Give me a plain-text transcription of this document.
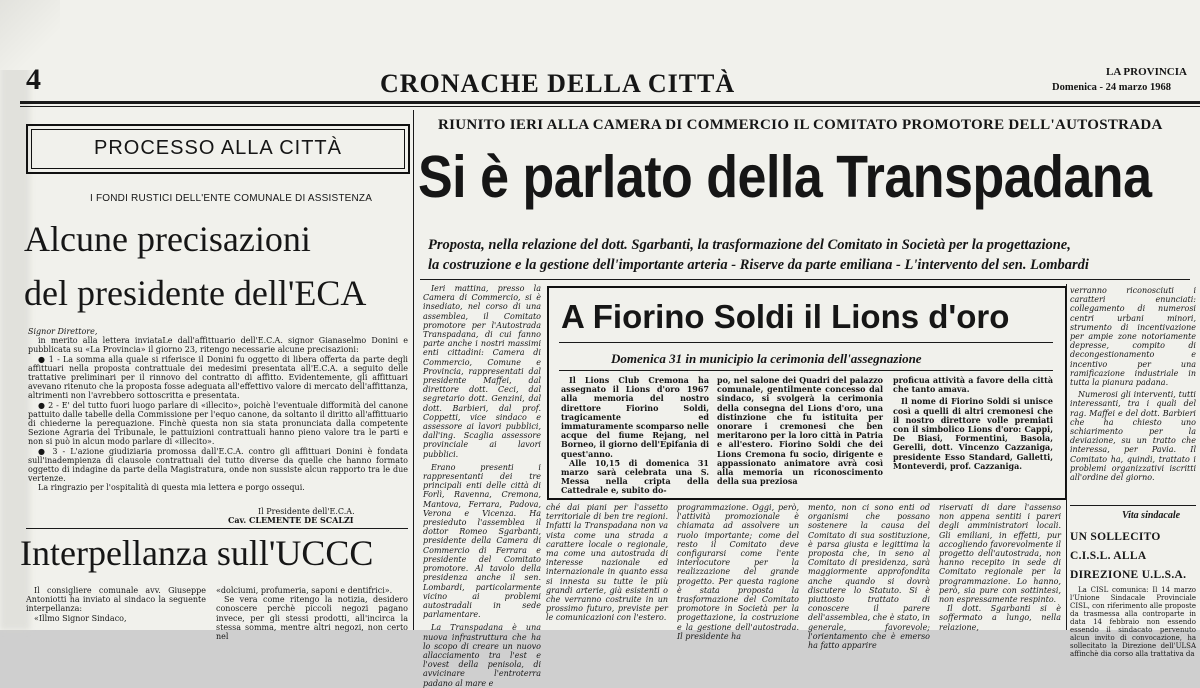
4	CRONACHE DELLA CITTÀ	LA PROVINCIA
Domenica - 24 marzo 1968
PROCESSO ALLA CITTÀ
I FONDI RUSTICI DELL'ENTE COMUNALE DI ASSISTENZA
Alcune precisazioni
del presidente dell'ECA

Signor Direttore,

in merito alla lettera inviataLe dall'affittuario dell'E.C.A. signor Gianaselmo Donini e pubblicata su «La Provincia» il giorno 23, ritengo necessarie alcune precisazioni:

● 1 - La somma alla quale si riferisce il Donini fu oggetto di libera offerta da parte degli affittuari nella proposta contrattuale dei medesimi presentata all'E.C.A. a seguito delle trattative preliminari per il rinnovo del contratto di affitto. Evidentemente, gli affittuari avevano ritenuto che la proposta fosse adeguata all'effettivo valore di mercato dell'affittanza, altrimenti non l'avrebbero sottoscritta e presentata.

● 2 - E' del tutto fuori luogo parlare di «illecito», poichè l'eventuale difformità del canone pattuito dalle tabelle della Commissione per l'equo canone, da soltanto il diritto all'affittuario di chiederne la perequazione. Finchè questa non sia stata pronunciata dalla competente Sezione Agraria del Tribunale, le pattuizioni contrattuali hanno pieno valore tra le parti e non si può in alcun modo parlare di «illecito».

● 3 - L'azione giudiziaria promossa dall'E.C.A. contro gli affittuari Donini è fondata sull'inadempienza di clausole contrattuali del tutto diverse da quelle che hanno formato oggetto di indagine da parte della Magistratura, onde non sussiste alcun rapporto tra le due vertenze.

La ringrazio per l'ospitalità di questa mia lettera e porgo ossequi.

Il Presidente dell'E.C.A.
Cav. CLEMENTE DE SCALZI
Interpellanza sull'UCCC

Il consigliere comunale avv. Giuseppe Antoniotti ha inviato al sindaco la seguente interpellanza:

«Illmo Signor Sindaco,

«dolciumi, profumeria, saponi e dentifrici».

Se vera come ritengo la notizia, desidero conoscere perchè piccoli negozi pagano invece, per gli stessi prodotti, all'incirca la stessa somma, mentre altri negozi, non certo nel

RIUNITO IERI ALLA CAMERA DI COMMERCIO IL COMITATO PROMOTORE DELL'AUTOSTRADA
Si è parlato della Transpadana
Proposta, nella relazione del dott. Sgarbanti, la trasformazione del Comitato in Società per la progettazione,
la costruzione e la gestione dell'importante arteria - Riserve da parte emiliana - L'intervento del sen. Lombardi

Ieri mattina, presso la Camera di Commercio, si è insediato, nel corso di una assemblea, il Comitato promotore per l'Autostrada Transpadana, di cui fanno parte anche i nostri massimi enti cittadini: Camera di Commercio, Comune e Provincia, rappresentati dal presidente Maffei, dal direttore dott. Ceci, dal segretario dott. Genzini, dal dott. Barbieri, dal prof. Coppetti, vice sindaco e assessore ai lavori pubblici, dall'ing. Scaglia assessore provinciale ai lavori pubblici.

Erano presenti i rappresentanti dei tre principali enti delle città di Forlì, Ravenna, Cremona, Mantova, Ferrara, Padova, Verona e Vicenza. Ha presieduto l'assemblea il dottor Romeo Sgarbanti, presidente della Camera di Commercio di Ferrara e presidente del Comitato promotore. Al tavolo della presidenza anche il sen. Lombardi, particolarmente vicino ai problemi autostradali in sede parlamentare.

La Transpadana è una nuova infrastruttura che ha lo scopo di creare un nuovo allacciamento tra l'est e l'ovest della penisola, di avvicinare l'entroterra padano al mare e

A Fiorino Soldi il Lions d'oro
Domenica 31 in municipio la cerimonia dell'assegnazione

Il Lions Club Cremona ha assegnato il Lions d'oro 1967 alla memoria del nostro direttore Fiorino Soldi, tragicamente ed immaturamente scomparso nelle acque del fiume Rejang, nel Borneo, il giorno dell'Epifania di quest'anno.

Alle 10,15 di domenica 31 marzo sarà celebrata una S. Messa nella cripta della Cattedrale e, subito do-

po, nel salone dei Quadri del palazzo comunale, gentilmente concesso dal sindaco, si svolgerà la cerimonia della consegna del Lions d'oro, una distinzione che fu istituita per onorare i cremonesi che ben meritarono per la loro città in Patria e all'estero. Fiorino Soldi che dei Lions Cremona fu socio, dirigente e appassionato animatore avrà così alla memoria un riconoscimento della sua preziosa

proficua attività a favore della città che tanto amava.

Il nome di Fiorino Soldi si unisce così a quelli di altri cremonesi che il nostro direttore volle premiati con il simbolico Lions d'oro: Cappi, De Biasi, Formentini, Basola, Gerelli, dott. Vincenzo Cazzaniga, presidente Esso Standard, Galletti, Monteverdi, prof. Cazzaniga.

ché dai piani per l'assetto territoriale di ben tre regioni. Infatti la Transpadana non va vista come una strada a carattere locale o regionale, ma come una autostrada di interesse nazionale ed internazionale in quanto essa si innesta su tutte le più grandi arterie, già esistenti o che verranno costruite in un prossimo futuro, previste per le comunicazioni con l'estero.

programmazione. Oggi, però, l'attività promozionale è chiamata ad assolvere un ruolo importante; come del resto il Comitato deve configurarsi come l'ente interlocutore per la realizzazione del grande progetto. Per questa ragione è stata proposta la trasformazione del Comitato promotore in Società per la progettazione, la costruzione e la gestione dell'autostrada. Il presidente ha

mento, non ci sono enti od organismi che possano sostenere la causa del Comitato di sua sostituzione, è parsa giusta e legittima la proposta che, in seno al Comitato di presidenza, sarà maggiormente approfondita anche quando si dovrà discutere lo Statuto. Si è piuttosto trattato di conoscere il parere dell'assemblea, che è stato, in generale, favorevole; l'orientamento che è emerso ha fatto apparire

riservati di dare l'assenso non appena sentiti i pareri degli amministratori locali. Gli emiliani, in effetti, pur accogliendo favorevolmente il progetto dell'autostrada, non hanno recepito in sede di Comitato regionale per la programmazione. Lo hanno, però, sia pure con sottintesi, non espressamente respinto.

Il dott. Sgarbanti si è soffermato a lungo, nella relazione,

verranno riconosciuti i caratteri enunciati: collegamento di numerosi centri urbani minori, strumento di incentivazione per ampie zone notoriamente depresse, compito di decongestionamento e incentivo per una ramificazione industriale in tutta la pianura padana.

Numerosi gli interventi, tutti interessanti, tra i quali del rag. Maffei e del dott. Barbieri che ha chiesto uno schiarimento per la deviazione, su un tratto che interessa, per Pavia. Il Comitato ha, quindi, trattato i problemi organizzativi iscritti all'ordine del giorno.

Vita sindacale
UN SOLLECITO C.I.S.L. ALLA DIREZIONE U.L.S.A.

La CISL comunica: Il 14 marzo l'Unione Sindacale Provinciale CISL, con riferimento alle proposte da trasmessa alla controparte in data 14 febbraio non essendo essendo il sindacato pervenuto alcun invito di convocazione, ha sollecitato la Direzione dell'ULSA affinchè dia corso alla trattativa da
